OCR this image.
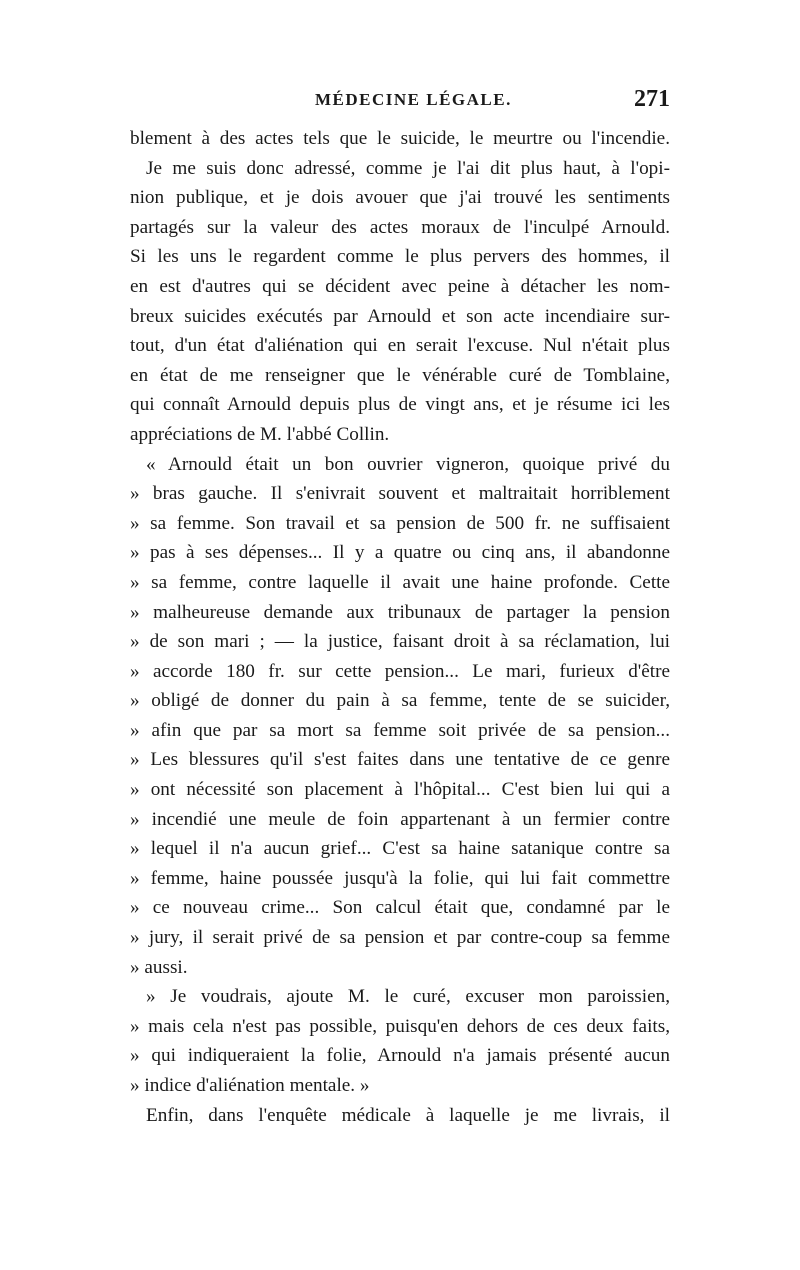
MÉDECINE LÉGALE.	271
blement à des actes tels que le suicide, le meurtre ou l'incendie.
Je me suis donc adressé, comme je l'ai dit plus haut, à l'opi-
nion publique, et je dois avouer que j'ai trouvé les sentiments
partagés sur la valeur des actes moraux de l'inculpé Arnould.
Si les uns le regardent comme le plus pervers des hommes, il
en est d'autres qui se décident avec peine à détacher les nom-
breux suicides exécutés par Arnould et son acte incendiaire sur-
tout, d'un état d'aliénation qui en serait l'excuse. Nul n'était plus
en état de me renseigner que le vénérable curé de Tomblaine,
qui connaît Arnould depuis plus de vingt ans, et je résume ici les
appréciations de M. l'abbé Collin.
« Arnould était un bon ouvrier vigneron, quoique privé du
» bras gauche. Il s'enivrait souvent et maltraitait horriblement
» sa femme. Son travail et sa pension de 500 fr. ne suffisaient
» pas à ses dépenses... Il y a quatre ou cinq ans, il abandonne
» sa femme, contre laquelle il avait une haine profonde. Cette
» malheureuse demande aux tribunaux de partager la pension
» de son mari ; — la justice, faisant droit à sa réclamation, lui
» accorde 180 fr. sur cette pension... Le mari, furieux d'être
» obligé de donner du pain à sa femme, tente de se suicider,
» afin que par sa mort sa femme soit privée de sa pension...
» Les blessures qu'il s'est faites dans une tentative de ce genre
» ont nécessité son placement à l'hôpital... C'est bien lui qui a
» incendié une meule de foin appartenant à un fermier contre
» lequel il n'a aucun grief... C'est sa haine satanique contre sa
» femme, haine poussée jusqu'à la folie, qui lui fait commettre
» ce nouveau crime... Son calcul était que, condamné par le
» jury, il serait privé de sa pension et par contre-coup sa femme
» aussi.
» Je voudrais, ajoute M. le curé, excuser mon paroissien,
» mais cela n'est pas possible, puisqu'en dehors de ces deux faits,
» qui indiqueraient la folie, Arnould n'a jamais présenté aucun
» indice d'aliénation mentale. »
Enfin, dans l'enquête médicale à laquelle je me livrais, il
